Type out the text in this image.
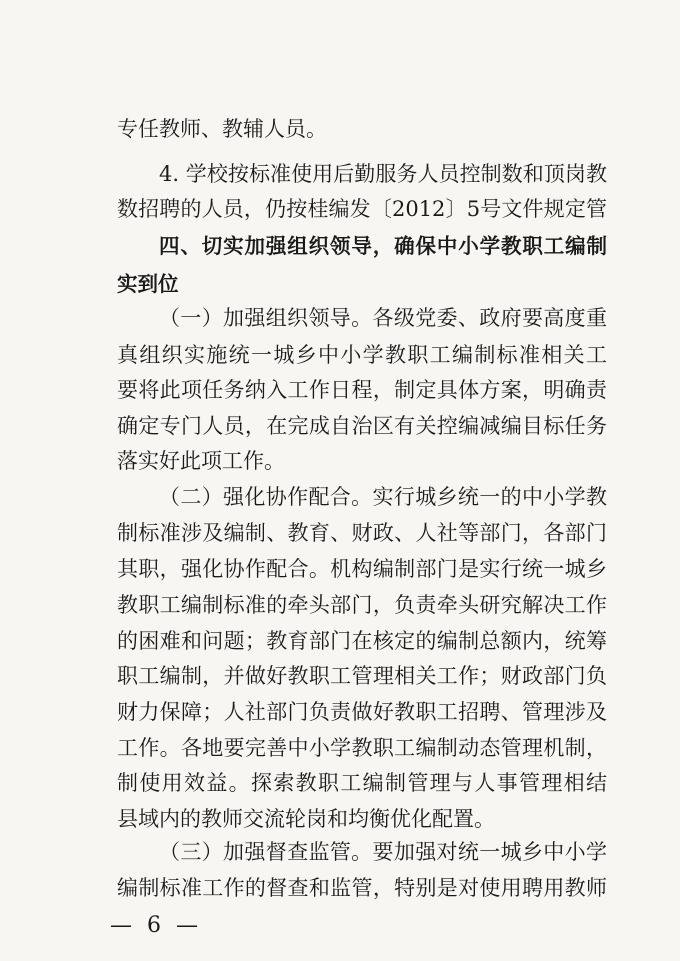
专任教师、教辅人员。
4. 学校按标准使用后勤服务人员控制数和顶岗教
数招聘的人员，仍按桂编发〔2012〕5号文件规定管
四、切实加强组织领导，确保中小学教职工编制
实到位
（一）加强组织领导。各级党委、政府要高度重
真组织实施统一城乡中小学教职工编制标准相关工
要将此项任务纳入工作日程，制定具体方案，明确责
确定专门人员，在完成自治区有关控编减编目标任务
落实好此项工作。
（二）强化协作配合。实行城乡统一的中小学教
制标准涉及编制、教育、财政、人社等部门，各部门
其职，强化协作配合。机构编制部门是实行统一城乡
教职工编制标准的牵头部门，负责牵头研究解决工作
的困难和问题；教育部门在核定的编制总额内，统筹
职工编制，并做好教职工管理相关工作；财政部门负
财力保障；人社部门负责做好教职工招聘、管理涉及
工作。各地要完善中小学教职工编制动态管理机制，
制使用效益。探索教职工编制管理与人事管理相结
县域内的教师交流轮岗和均衡优化配置。
（三）加强督查监管。要加强对统一城乡中小学
编制标准工作的督查和监管，特别是对使用聘用教师
— 6 —
